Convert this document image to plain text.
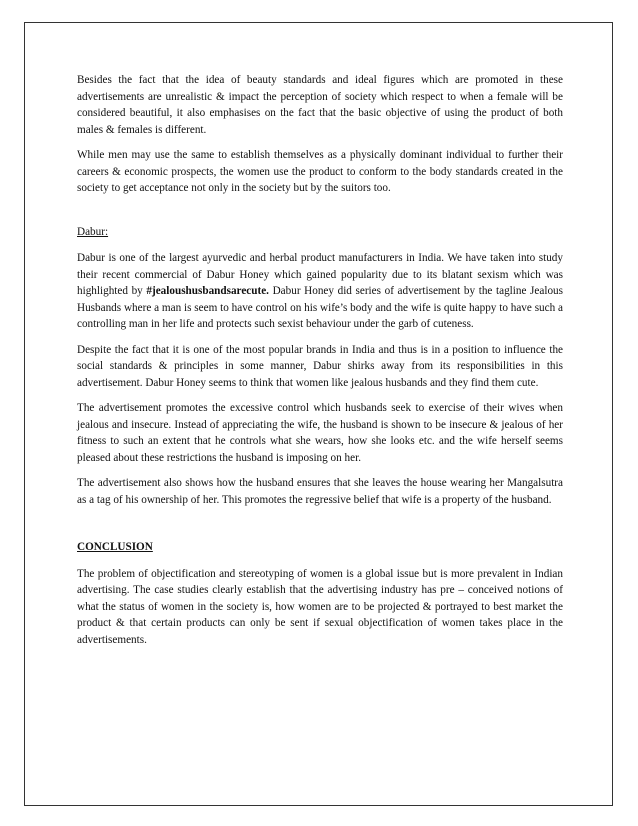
Besides the fact that the idea of beauty standards and ideal figures which are promoted in these advertisements are unrealistic & impact the perception of society which respect to when a female will be considered beautiful, it also emphasises on the fact that the basic objective of using the product of both males & females is different.

While men may use the same to establish themselves as a physically dominant individual to further their careers & economic prospects, the women use the product to conform to the body standards created in the society to get acceptance not only in the society but by the suitors too.

Dabur:

Dabur is one of the largest ayurvedic and herbal product manufacturers in India. We have taken into study their recent commercial of Dabur Honey which gained popularity due to its blatant sexism which was highlighted by #jealoushusbandsarecute. Dabur Honey did series of advertisement by the tagline Jealous Husbands where a man is seem to have control on his wife’s body and the wife is quite happy to have such a controlling man in her life and protects such sexist behaviour under the garb of cuteness.

Despite the fact that it is one of the most popular brands in India and thus is in a position to influence the social standards & principles in some manner, Dabur shirks away from its responsibilities in this advertisement. Dabur Honey seems to think that women like jealous husbands and they find them cute.

The advertisement promotes the excessive control which husbands seek to exercise of their wives when jealous and insecure. Instead of appreciating the wife, the husband is shown to be insecure & jealous of her fitness to such an extent that he controls what she wears, how she looks etc. and the wife herself seems pleased about these restrictions the husband is imposing on her.

The advertisement also shows how the husband ensures that she leaves the house wearing her Mangalsutra as a tag of his ownership of her. This promotes the regressive belief that wife is a property of the husband.

CONCLUSION

The problem of objectification and stereotyping of women is a global issue but is more prevalent in Indian advertising. The case studies clearly establish that the advertising industry has pre – conceived notions of what the status of women in the society is, how women are to be projected & portrayed to best market the product & that certain products can only be sent if sexual objectification of women takes place in the advertisements.
